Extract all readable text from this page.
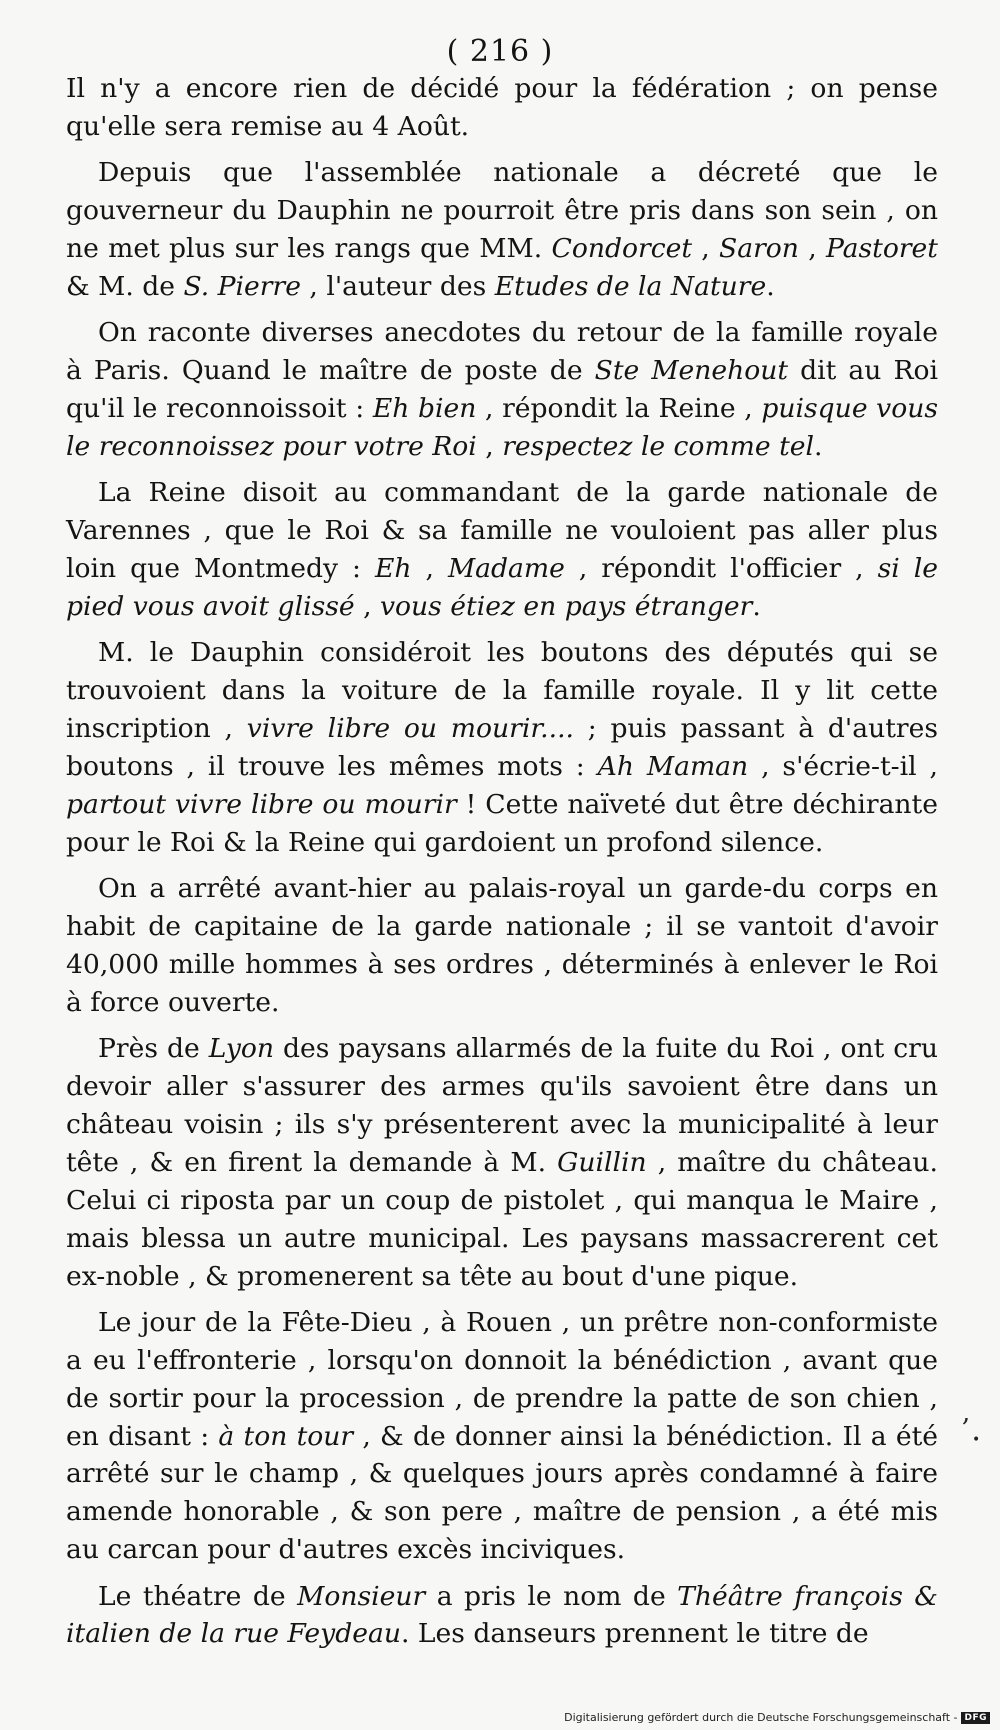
( 216 )

Il n'y a encore rien de décidé pour la fédération ; on pense qu'elle sera remise au 4 Août.

Depuis que l'assemblée nationale a décreté que le gouverneur du Dauphin ne pourroit être pris dans son sein , on ne met plus sur les rangs que MM. Condorcet , Saron , Pastoret & M. de S. Pierre , l'auteur des Etudes de la Nature.

On raconte diverses anecdotes du retour de la famille royale à Paris. Quand le maître de poste de Ste Menehout dit au Roi qu'il le reconnoissoit : Eh bien , répondit la Reine , puisque vous le reconnoissez pour votre Roi , respectez le comme tel.

La Reine disoit au commandant de la garde nationale de Varennes , que le Roi & sa famille ne vouloient pas aller plus loin que Montmedy : Eh , Madame , répondit l'officier , si le pied vous avoit glissé , vous étiez en pays étranger.

M. le Dauphin considéroit les boutons des députés qui se trouvoient dans la voiture de la famille royale. Il y lit cette inscription , vivre libre ou mourir.... ; puis passant à d'autres boutons , il trouve les mêmes mots : Ah Maman , s'écrie-t-il , partout vivre libre ou mourir ! Cette naïveté dut être déchirante pour le Roi & la Reine qui gardoient un profond silence.

On a arrêté avant-hier au palais-royal un garde-du corps en habit de capitaine de la garde nationale ; il se vantoit d'avoir 40,000 mille hommes à ses ordres , déterminés à enlever le Roi à force ouverte.

Près de Lyon des paysans allarmés de la fuite du Roi , ont cru devoir aller s'assurer des armes qu'ils savoient être dans un château voisin ; ils s'y présenterent avec la municipalité à leur tête , & en firent la demande à M. Guillin , maître du château. Celui ci riposta par un coup de pistolet , qui manqua le Maire , mais blessa un autre municipal. Les paysans massacrerent cet ex-noble , & promenerent sa tête au bout d'une pique.

Le jour de la Fête-Dieu , à Rouen , un prêtre non-conformiste a eu l'effronterie , lorsqu'on donnoit la bénédiction , avant que de sortir pour la procession , de prendre la patte de son chien , en disant : à ton tour , & de donner ainsi la bénédiction. Il a été arrêté sur le champ , & quelques jours après condamné à faire amende honorable , & son pere , maître de pension , a été mis au carcan pour d'autres excès inciviques.

Le théatre de Monsieur a pris le nom de Théâtre françois & italien de la rue Feydeau. Les danseurs prennent le titre de

,
•
Digitalisierung gefördert durch die Deutsche Forschungsgemeinschaft - DFG
